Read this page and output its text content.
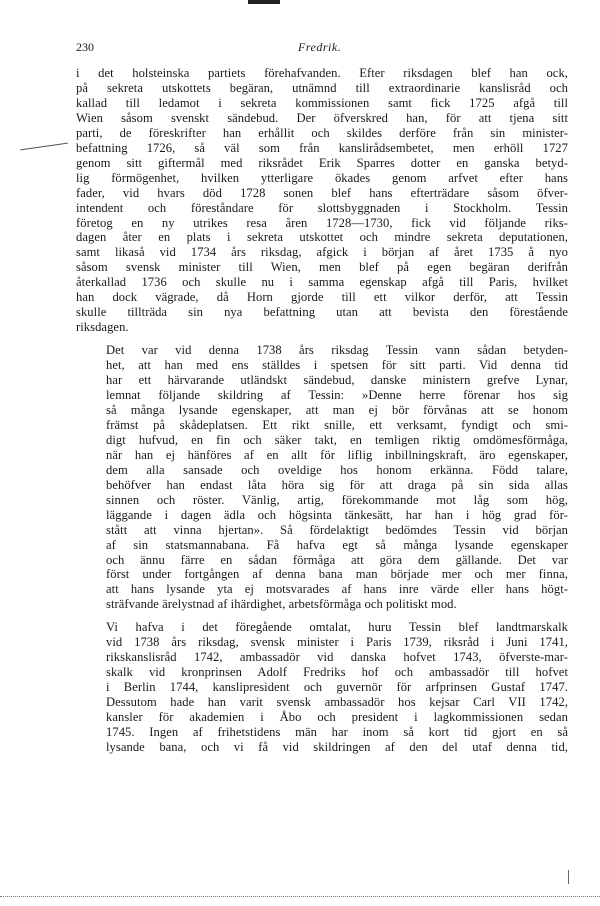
230	Fredrik.

i det holsteinska partiets förehafvanden. Efter riksdagen blef han ock,
på sekreta utskottets begäran, utnämnd till extraordinarie kanslisråd och
kallad till ledamot i sekreta kommissionen samt fick 1725 afgå till
Wien såsom svenskt sändebud. Der öfverskred han, för att tjena sitt
parti, de föreskrifter han erhållit och skildes derföre från sin minister-
befattning 1726, så väl som från kanslirådsembetet, men erhöll 1727
genom sitt giftermål med riksrådet Erik Sparres dotter en ganska betyd-
lig förmögenhet, hvilken ytterligare ökades genom arfvet efter hans
fader, vid hvars död 1728 sonen blef hans efterträdare såsom öfver-
intendent och föreståndare för slottsbyggnaden i Stockholm. Tessin
företog en ny utrikes resa åren 1728—1730, fick vid följande riks-
dagen åter en plats i sekreta utskottet och mindre sekreta deputationen,
samt likaså vid 1734 års riksdag, afgick i början af året 1735 å nyo
såsom svensk minister till Wien, men blef på egen begäran derifrån
återkallad 1736 och skulle nu i samma egenskap afgå till Paris, hvilket
han dock vägrade, då Horn gjorde till ett vilkor derför, att Tessin
skulle tillträda sin nya befattning utan att bevista den förestående
riksdagen.

Det var vid denna 1738 års riksdag Tessin vann sådan betyden-
het, att han med ens ställdes i spetsen för sitt parti. Vid denna tid
har ett härvarande utländskt sändebud, danske ministern grefve Lynar,
lemnat följande skildring af Tessin: »Denne herre förenar hos sig
så många lysande egenskaper, att man ej bör förvånas att se honom
främst på skådeplatsen. Ett rikt snille, ett verksamt, fyndigt och smi-
digt hufvud, en fin och säker takt, en temligen riktig omdömesförmåga,
när han ej hänföres af en allt för liflig inbillningskraft, äro egenskaper,
dem alla sansade och oveldige hos honom erkänna. Född talare,
behöfver han endast låta höra sig för att draga på sin sida allas
sinnen och röster. Vänlig, artig, förekommande mot låg som hög,
läggande i dagen ädla och högsinta tänkesätt, har han i hög grad för-
stått att vinna hjertan». Så fördelaktigt bedömdes Tessin vid början
af sin statsmannabana. Få hafva egt så många lysande egenskaper
och ännu färre en sådan förmåga att göra dem gällande. Det var
först under fortgången af denna bana man började mer och mer finna,
att hans lysande yta ej motsvarades af hans inre värde eller hans högt-
sträfvande ärelystnad af ihärdighet, arbetsförmåga och politiskt mod.

Vi hafva i det föregående omtalat, huru Tessin blef landtmarskalk
vid 1738 års riksdag, svensk minister i Paris 1739, riksråd i Juni 1741,
rikskanslisråd 1742, ambassadör vid danska hofvet 1743, öfverste-mar-
skalk vid kronprinsen Adolf Fredriks hof och ambassadör till hofvet
i Berlin 1744, kanslipresident och guvernör för arfprinsen Gustaf 1747.
Dessutom hade han varit svensk ambassadör hos kejsar Carl VII 1742,
kansler för akademien i Åbo och president i lagkommissionen sedan
1745. Ingen af frihetstidens män har inom så kort tid gjort en så
lysande bana, och vi få vid skildringen af den del utaf denna tid,
